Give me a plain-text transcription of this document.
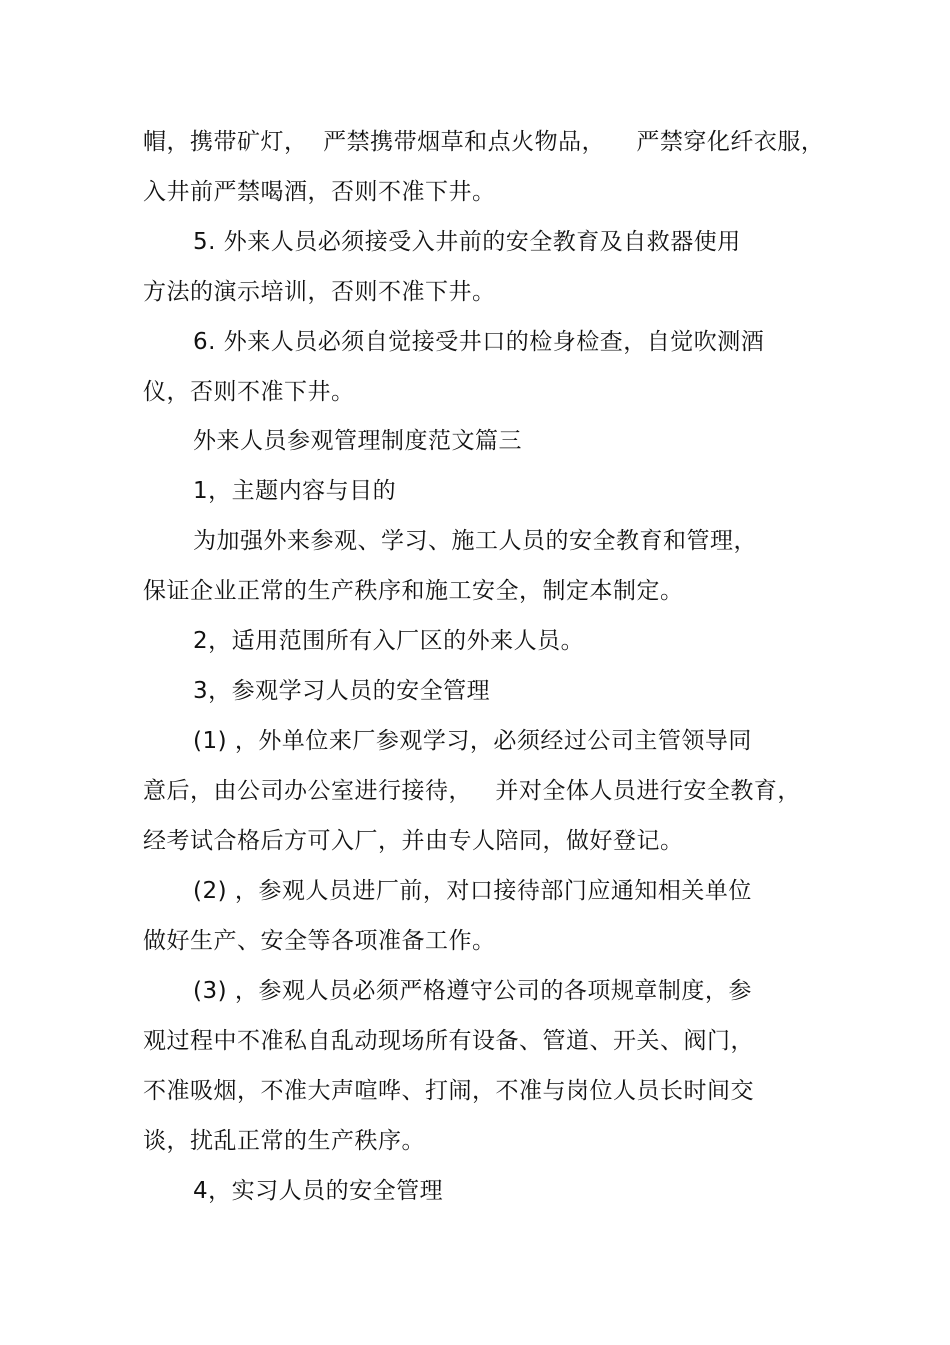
帽，携带矿灯，  严禁携带烟草和点火物品，    严禁穿化纤衣服，
入井前严禁喝酒，否则不准下井。
5. 外来人员必须接受入井前的安全教育及自救器使用
方法的演示培训，否则不准下井。
6. 外来人员必须自觉接受井口的检身检查，自觉吹测酒
仪，否则不准下井。
外来人员参观管理制度范文篇三
1，主题内容与目的
为加强外来参观、学习、施工人员的安全教育和管理，
保证企业正常的生产秩序和施工安全，制定本制定。
2，适用范围所有入厂区的外来人员。
3，参观学习人员的安全管理
(1) ，外单位来厂参观学习，必须经过公司主管领导同
意后，由公司办公室进行接待，   并对全体人员进行安全教育，
经考试合格后方可入厂，并由专人陪同，做好登记。
(2) ，参观人员进厂前，对口接待部门应通知相关单位
做好生产、安全等各项准备工作。
(3) ，参观人员必须严格遵守公司的各项规章制度，参
观过程中不准私自乱动现场所有设备、管道、开关、阀门，
不准吸烟，不准大声喧哗、打闹，不准与岗位人员长时间交
谈，扰乱正常的生产秩序。
4，实习人员的安全管理
